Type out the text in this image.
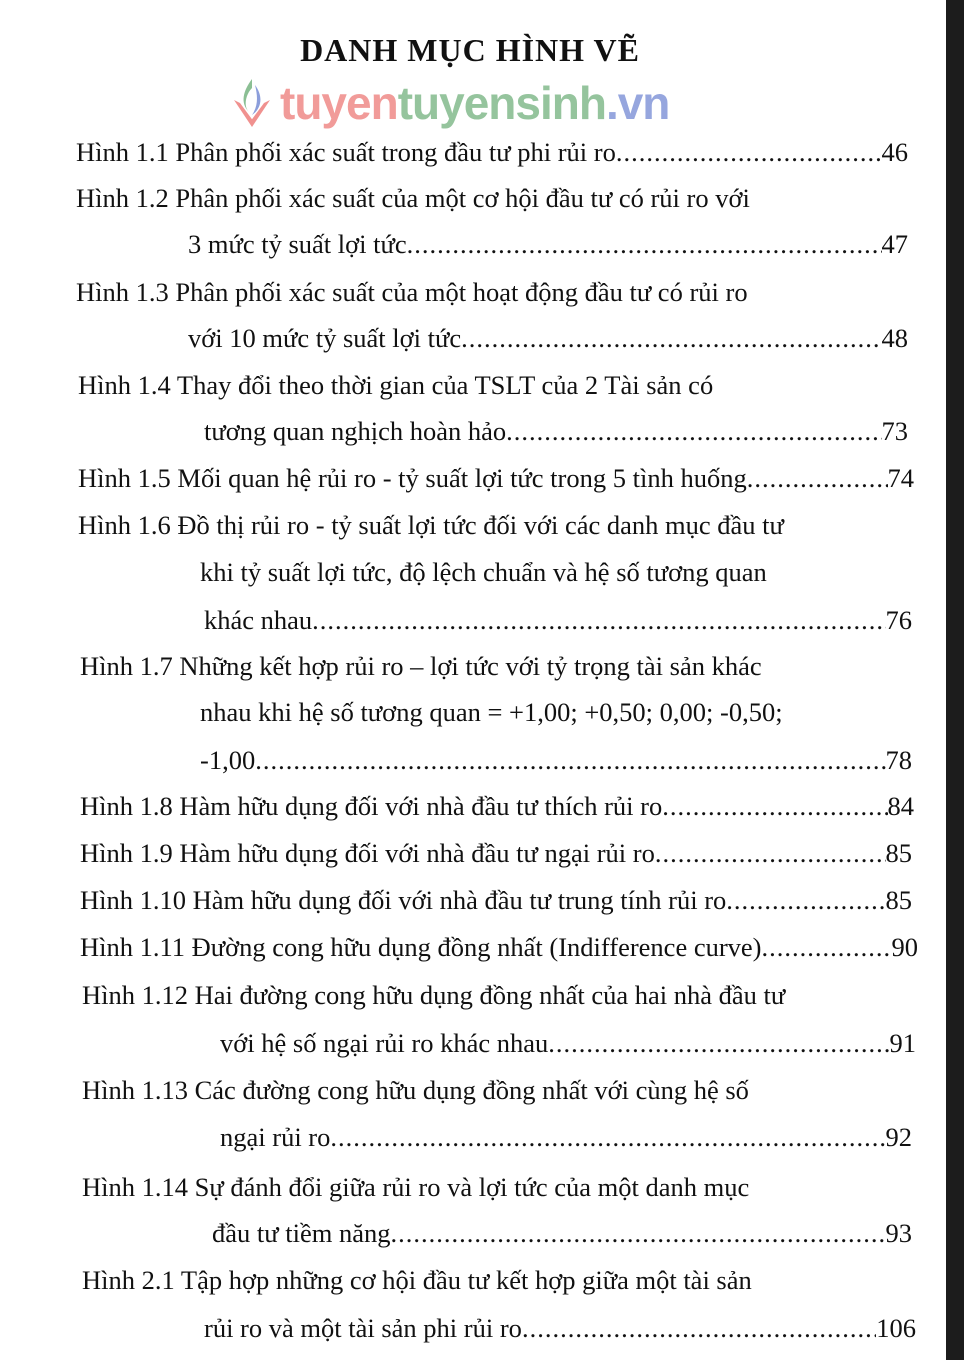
DANH MỤC HÌNH VẼ
Hình 1.1 Phân phối xác suất trong đầu tư phi rủi ro .....	46
Hình 1.2 Phân phối xác suất của một cơ hội đầu tư có rủi ro với
3 mức tỷ suất lợi tức .....	47
Hình 1.3 Phân phối xác suất của một hoạt động đầu tư có rủi ro
với 10 mức tỷ suất lợi tức .....	48
Hình 1.4 Thay đổi theo thời gian của TSLT của 2 Tài sản có
tương quan nghịch hoàn hảo .....	73
Hình 1.5 Mối quan hệ rủi ro - tỷ suất lợi tức trong 5 tình huống .....	74
Hình 1.6 Đồ thị rủi ro - tỷ suất lợi tức đối với các danh mục đầu tư
khi tỷ suất lợi tức, độ lệch chuẩn và hệ số tương quan
khác nhau .....	76
Hình 1.7 Những kết hợp rủi ro – lợi tức với tỷ trọng tài sản khác
nhau khi hệ số tương quan = +1,00; +0,50; 0,00; -0,50;
-1,00 .....	78
Hình 1.8 Hàm hữu dụng đối với nhà đầu tư thích rủi ro .....	84
Hình 1.9 Hàm hữu dụng đối với nhà đầu tư ngại rủi ro .....	85
Hình 1.10 Hàm hữu dụng đối với nhà đầu tư trung tính rủi ro .....	85
Hình 1.11 Đường cong hữu dụng đồng nhất (Indifference curve) .....	90
Hình 1.12 Hai đường cong hữu dụng đồng nhất của hai nhà đầu tư
với hệ số ngại rủi ro khác nhau .....	91
Hình 1.13 Các đường cong hữu dụng đồng nhất với cùng hệ số
ngại rủi ro .....	92
Hình 1.14 Sự đánh đổi giữa rủi ro và lợi tức của một danh mục
đầu tư tiềm năng .....	93
Hình 2.1 Tập hợp những cơ hội đầu tư kết hợp giữa một tài sản
rủi ro và một tài sản phi rủi ro .....	106
tuyentuyensinh.vn
